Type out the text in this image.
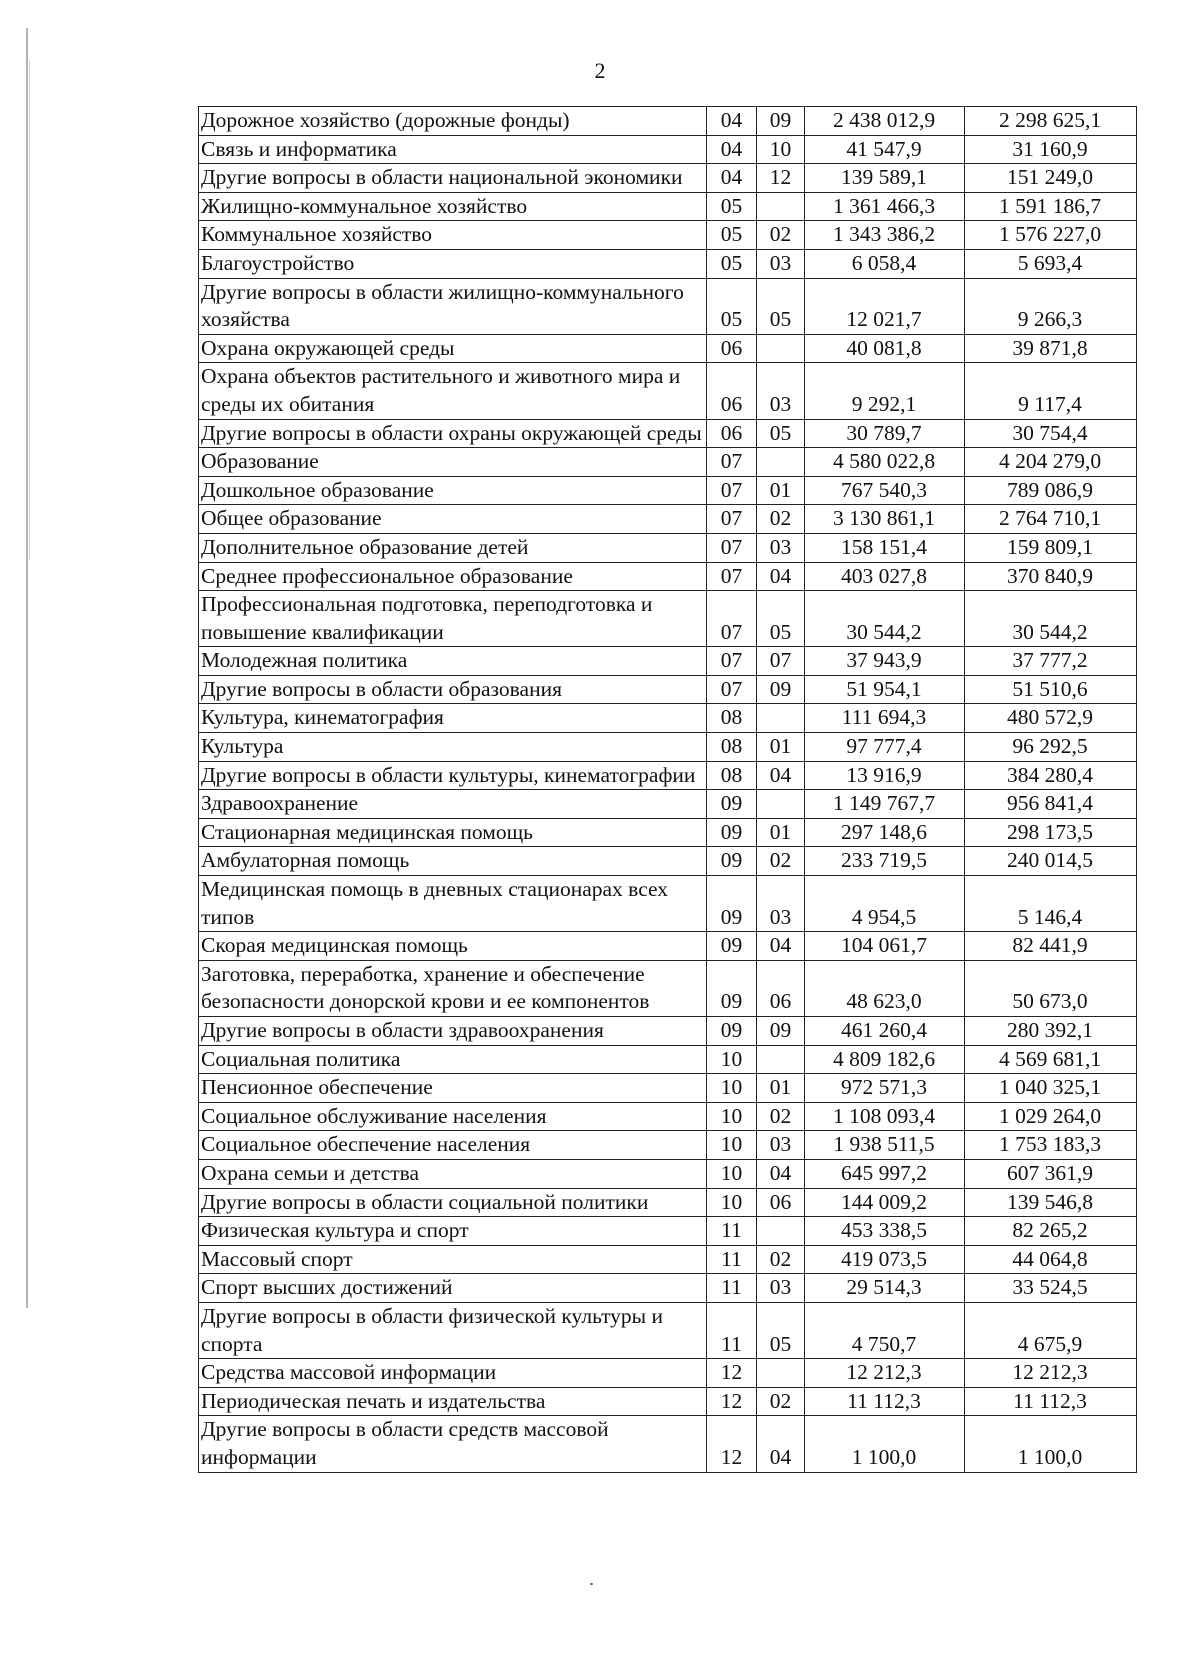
2
Дорожное хозяйство (дорожные фонды)	04	09	2 438 012,9	2 298 625,1
Связь и информатика	04	10	41 547,9	31 160,9
Другие вопросы в области национальной экономики	04	12	139 589,1	151 249,0
Жилищно-коммунальное хозяйство	05		1 361 466,3	1 591 186,7
Коммунальное хозяйство	05	02	1 343 386,2	1 576 227,0
Благоустройство	05	03	6 058,4	5 693,4
Другие вопросы в области жилищно-коммунального хозяйства	05	05	12 021,7	9 266,3
Охрана окружающей среды	06		40 081,8	39 871,8
Охрана объектов растительного и животного мира и среды их обитания	06	03	9 292,1	9 117,4
Другие вопросы в области охраны окружающей среды	06	05	30 789,7	30 754,4
Образование	07		4 580 022,8	4 204 279,0
Дошкольное образование	07	01	767 540,3	789 086,9
Общее образование	07	02	3 130 861,1	2 764 710,1
Дополнительное образование детей	07	03	158 151,4	159 809,1
Среднее профессиональное образование	07	04	403 027,8	370 840,9
Профессиональная подготовка, переподготовка и повышение квалификации	07	05	30 544,2	30 544,2
Молодежная политика	07	07	37 943,9	37 777,2
Другие вопросы в области образования	07	09	51 954,1	51 510,6
Культура, кинематография	08		111 694,3	480 572,9
Культура	08	01	97 777,4	96 292,5
Другие вопросы в области культуры, кинематографии	08	04	13 916,9	384 280,4
Здравоохранение	09		1 149 767,7	956 841,4
Стационарная медицинская помощь	09	01	297 148,6	298 173,5
Амбулаторная помощь	09	02	233 719,5	240 014,5
Медицинская помощь в дневных стационарах всех типов	09	03	4 954,5	5 146,4
Скорая медицинская помощь	09	04	104 061,7	82 441,9
Заготовка, переработка, хранение и обеспечение безопасности донорской крови и ее компонентов	09	06	48 623,0	50 673,0
Другие вопросы в области здравоохранения	09	09	461 260,4	280 392,1
Социальная политика	10		4 809 182,6	4 569 681,1
Пенсионное обеспечение	10	01	972 571,3	1 040 325,1
Социальное обслуживание населения	10	02	1 108 093,4	1 029 264,0
Социальное обеспечение населения	10	03	1 938 511,5	1 753 183,3
Охрана семьи и детства	10	04	645 997,2	607 361,9
Другие вопросы в области социальной политики	10	06	144 009,2	139 546,8
Физическая культура и спорт	11		453 338,5	82 265,2
Массовый спорт	11	02	419 073,5	44 064,8
Спорт высших достижений	11	03	29 514,3	33 524,5
Другие вопросы в области физической культуры и спорта	11	05	4 750,7	4 675,9
Средства массовой информации	12		12 212,3	12 212,3
Периодическая печать и издательства	12	02	11 112,3	11 112,3
Другие вопросы в области средств массовой информации	12	04	1 100,0	1 100,0
